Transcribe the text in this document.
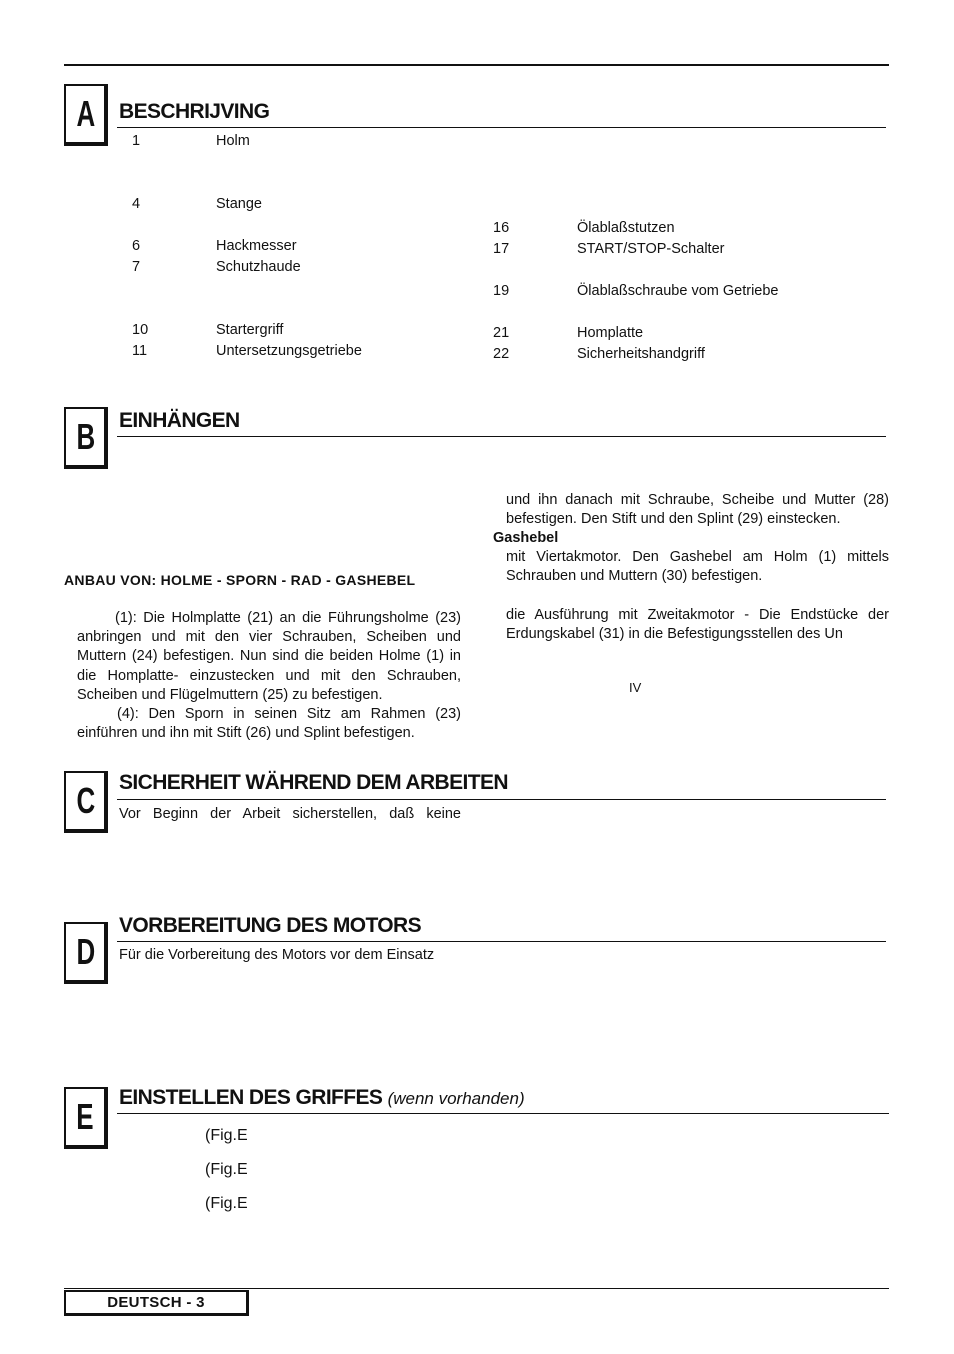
A BESCHRIJVING
1	Holm
4	Stange
6	Hackmesser
7	Schutzhaude
10	Startergriff
11	Untersetzungsgetriebe
16	Ölablaßstutzen
17	START/STOP-Schalter
19	Ölablaßschraube vom Getriebe
21	Homplatte
22	Sicherheitshandgriff
B EINHÄNGEN
ANBAU VON: HOLME - SPORN - RAD - GASHEBEL

(1): Die Holmplatte (21) an die Führungsholme (23) anbringen und mit den vier Schrauben, Scheiben und Muttern (24) befestigen. Nun sind die beiden Holme (1) in die Homplatte- einzustecken und mit den Schrauben, Scheiben und Flügelmuttern (25) zu befestigen.

(4): Den Sporn in seinen Sitz am Rahmen (23) einführen und ihn mit Stift (26) und Splint befestigen.

und ihn danach mit Schraube, Scheibe und Mutter (28) befestigen. Den Stift und den Splint (29) einstecken.
Gashebel
mit Viertakmotor. Den Gashebel am Holm (1) mittels Schrauben und Muttern (30) befestigen.
die Ausführung mit Zweitakmotor - Die Endstücke der Erdungskabel (31) in die Befestigungsstellen des Un
IV
C SICHERHEIT WÄHREND DEM ARBEITEN
Vor Beginn der Arbeit sicherstellen, daß keine
D
VORBEREITUNG DES MOTORS
Für die Vorbereitung des Motors vor dem Einsatz
E EINSTELLEN DES GRIFFES (wenn vorhanden)
(Fig.E
(Fig.E
(Fig.E
DEUTSCH -
3
